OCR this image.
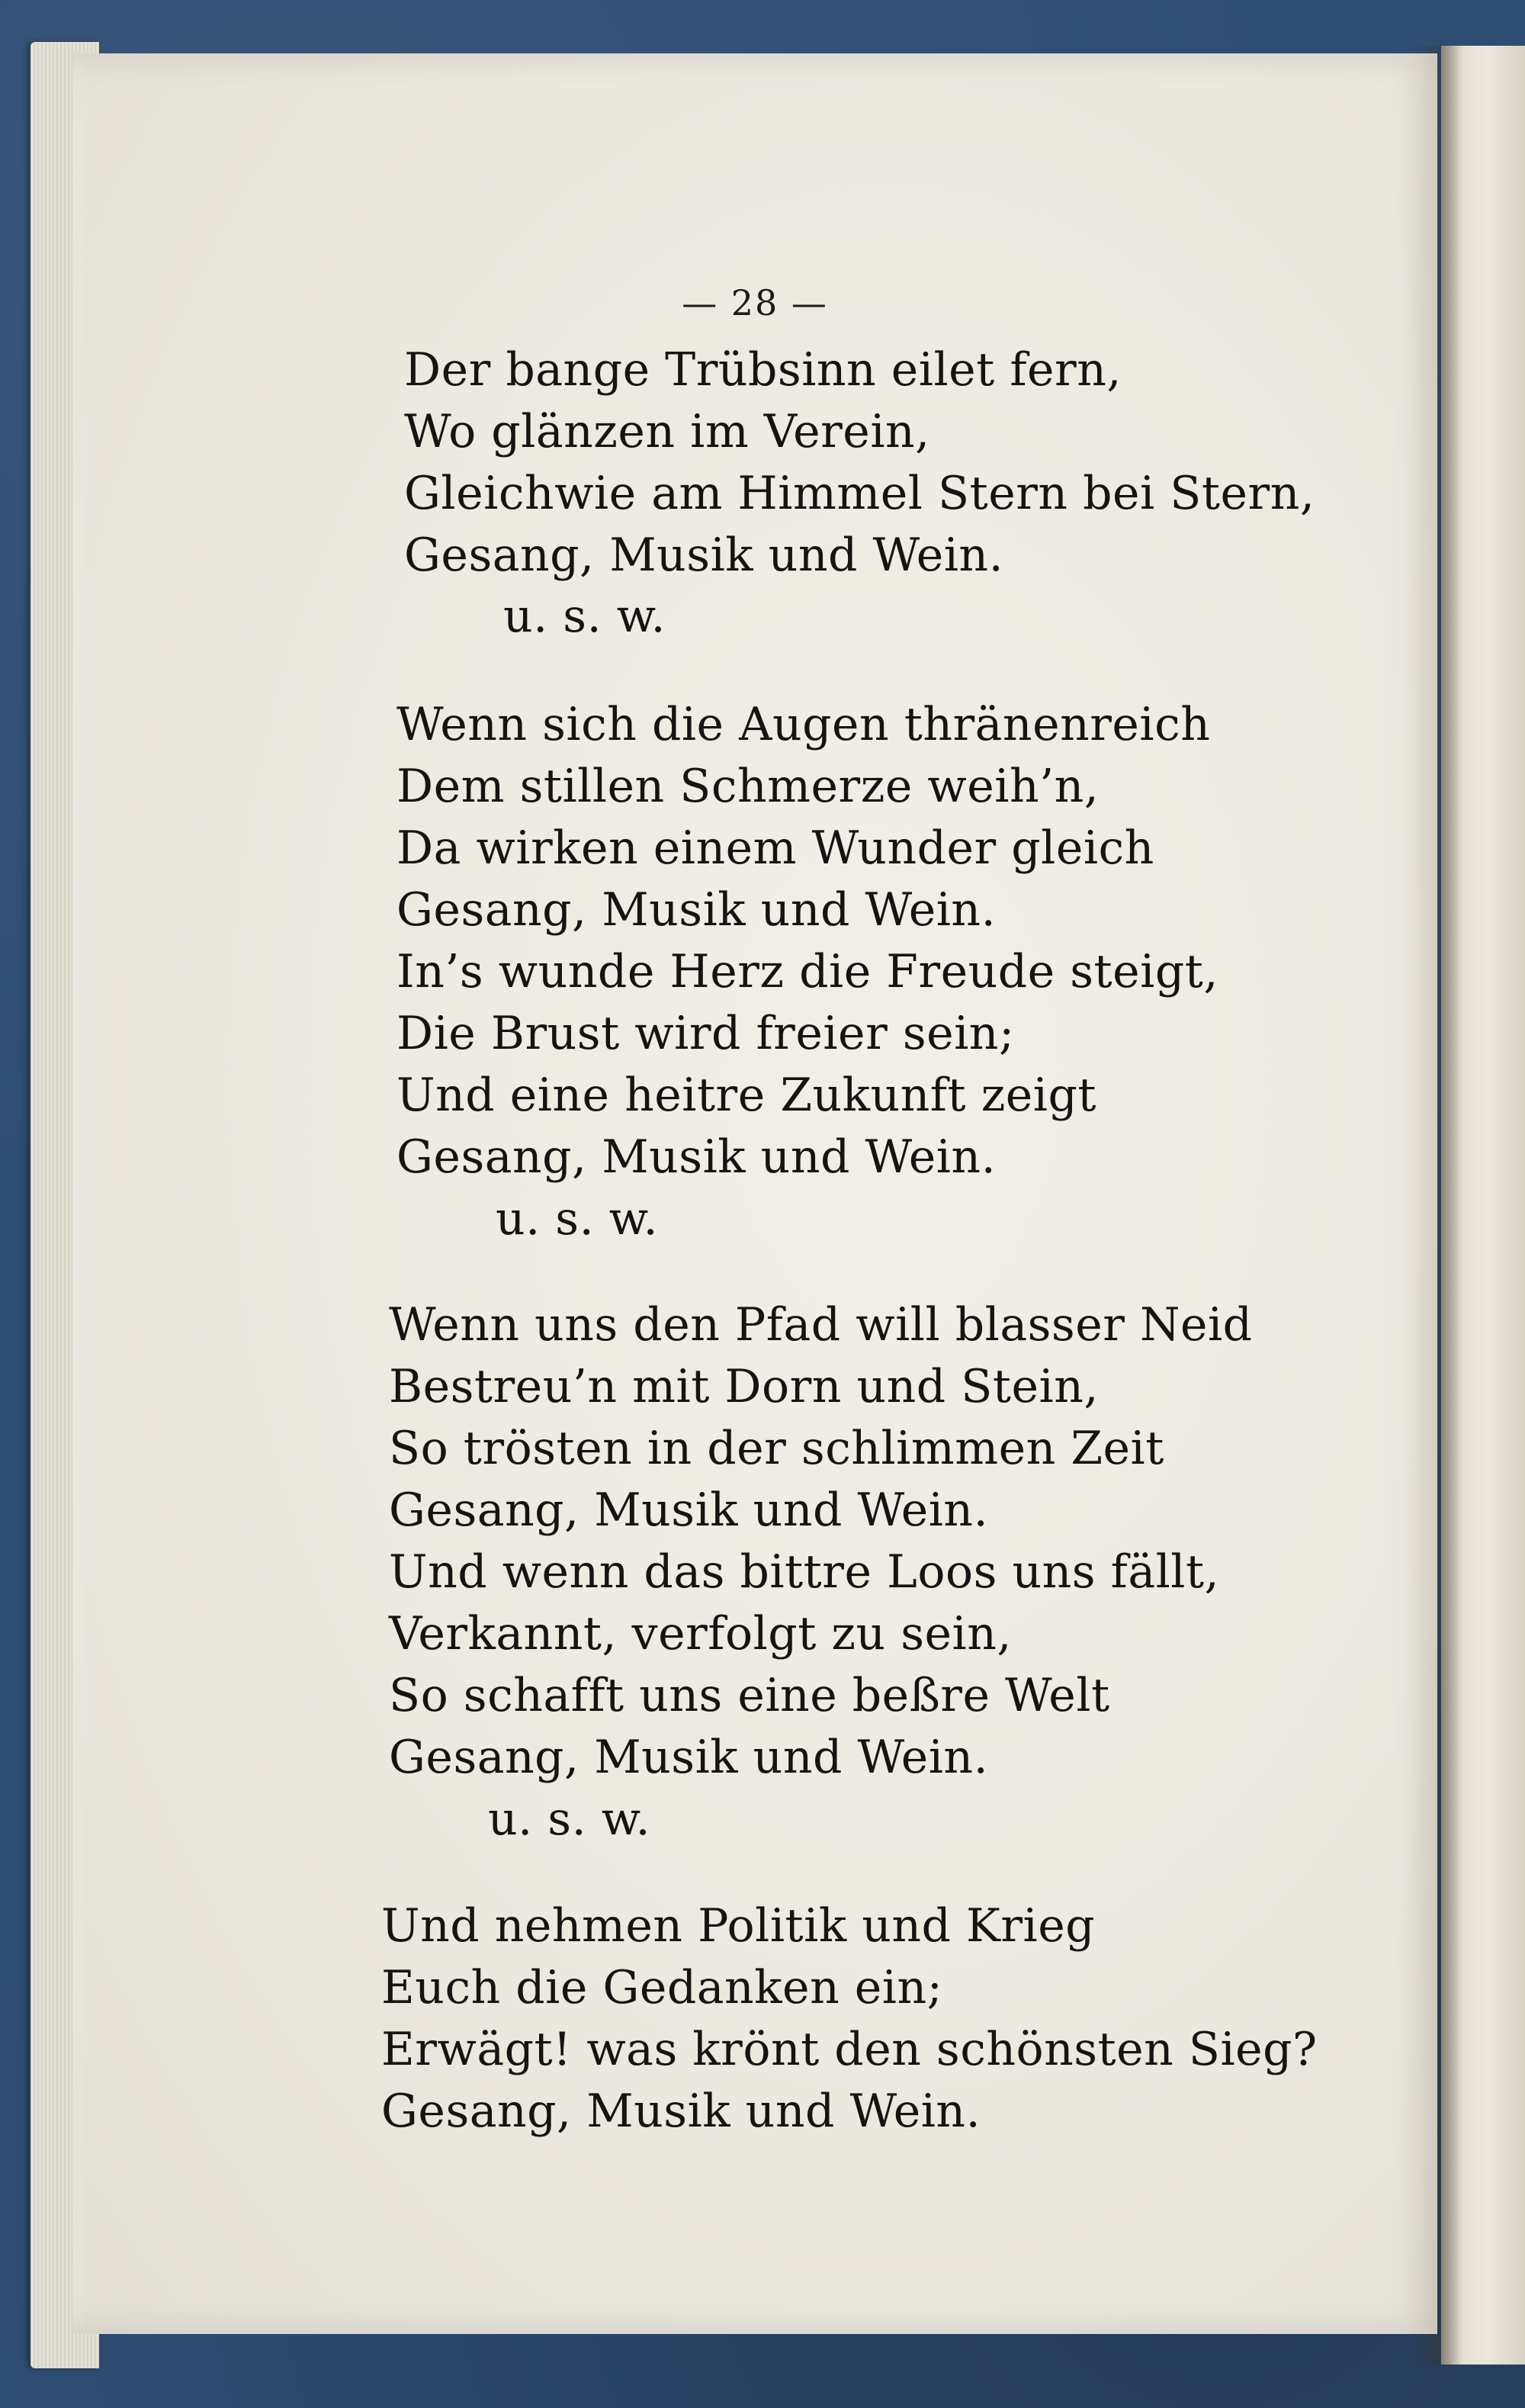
— 28 —
Der bange Trübsinn eilet fern,
Wo glänzen im Verein,
Gleichwie am Himmel Stern bei Stern,
Gesang, Musik und Wein.
u. s. w.
Wenn sich die Augen thränenreich
Dem stillen Schmerze weih’n,
Da wirken einem Wunder gleich
Gesang, Musik und Wein.
In’s wunde Herz die Freude steigt,
Die Brust wird freier sein;
Und eine heitre Zukunft zeigt
Gesang, Musik und Wein.
u. s. w.
Wenn uns den Pfad will blasser Neid
Bestreu’n mit Dorn und Stein,
So trösten in der schlimmen Zeit
Gesang, Musik und Wein.
Und wenn das bittre Loos uns fällt,
Verkannt, verfolgt zu sein,
So schafft uns eine beßre Welt
Gesang, Musik und Wein.
u. s. w.
Und nehmen Politik und Krieg
Euch die Gedanken ein;
Erwägt! was krönt den schönsten Sieg?
Gesang, Musik und Wein.
